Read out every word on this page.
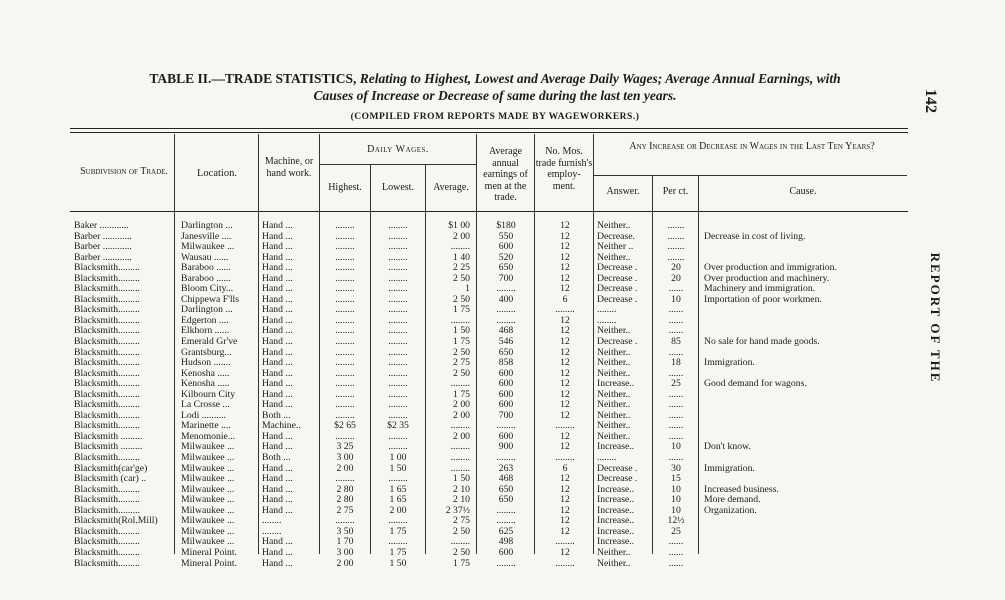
142
TABLE II.—TRADE STATISTICS, Relating to Highest, Lowest and Average Daily Wages; Average Annual Earnings, with
Causes of Increase or Decrease of same during the last ten years.
(COMPILED FROM REPORTS MADE BY WAGEWORKERS.)
REPORT OF THE
Subdivision of Trade.	Location.
Machine, or hand work.
Daily Wages.
Highest.	Lowest.	Average.
Average annual earnings of men at the trade.
No. Mos. trade furnish's employ- ment.
Any Increase or Decrease in Wages in the Last Ten Years?
Answer.	Per ct.	Cause.
Baker ............	Darlington ...	Hand ...	........	........	$1 00	$180	12	Neither..	.......
Barber ............	Janesville ....	Hand ...	........	........	2 00	550	12	Decrease.	.......	Decrease in cost of living.
Barber ............	Milwaukee ...	Hand ...	........	........	........	600	12	Neither ..	.......
Barber ............	Wausau ......	Hand ...	........	........	1 40	520	12	Neither..	.......
Blacksmith.........	Baraboo ......	Hand ...	........	........	2 25	650	12	Decrease .	20	Over production and immigration.
Blacksmith.........	Baraboo ......	Hand ...	........	........	2 50	700	12	Decrease .	20	Over production and machinery.
Blacksmith.........	Bloom City...	Hand ...	........	........	1	........	12	Decrease .	......	Machinery and immigration.
Blacksmith.........	Chippewa F'lls	Hand ...	........	........	2 50	400	6	Decrease .	10	Importation of poor workmen.
Blacksmith.........	Darlington ...	Hand ...	........	........	1 75	........	........	........	......
Blacksmith.........	Edgerton ....	Hand ...	........	........	........	........	12	........	......
Blacksmith.........	Elkhorn ......	Hand ...	........	........	1 50	468	12	Neither..	......
Blacksmith.........	Emerald Gr've	Hand ...	........	........	1 75	546	12	Decrease .	85	No sale for hand made goods.
Blacksmith.........	Grantsburg...	Hand ...	........	........	2 50	650	12	Neither..	......
Blacksmith.........	Hudson .......	Hand ...	........	........	2 75	858	12	Neither..	18	Immigration.
Blacksmith.........	Kenosha .....	Hand ...	........	........	2 50	600	12	Neither..	......
Blacksmith.........	Kenosha .....	Hand ...	........	........	........	600	12	Increase..	25	Good demand for wagons.
Blacksmith.........	Kilbourn City	Hand ...	........	........	1 75	600	12	Neither..	......
Blacksmith.........	La Crosse ...	Hand ...	........	........	2 00	600	12	Neither..	......
Blacksmith.........	Lodi ..........	Both ...	........	........	2 00	700	12	Neither..	......
Blacksmith.........	Marinette ....	Machine..	$2 65	$2 35	........	........	........	Neither..	......
Blacksmith .........	Menomonie...	Hand ...	........	........	2 00	600	12	Neither..	......
Blacksmith .........	Milwaukee ...	Hand ...	3 25	........	........	900	12	Increase..	10	Don't know.
Blacksmith.........	Milwaukee ...	Both ...	3 00	1 00	........	........	........	........	......
Blacksmith(car'ge)	Milwaukee ...	Hand ...	2 00	1 50	........	263	6	Decrease .	30	Immigration.
Blacksmith (car) ..	Milwaukee ...	Hand ...	........	........	1 50	468	12	Decrease .	15
Blacksmith.........	Milwaukee ...	Hand ...	2 80	1 65	2 10	650	12	Increase..	10	Increased business.
Blacksmith.........	Milwaukee ...	Hand ...	2 80	1 65	2 10	650	12	Increase..	10	More demand.
Blacksmith.........	Milwaukee ...	Hand ...	2 75	2 00	2 37½	........	12	Increase..	10	Organization.
Blacksmith(Rol.Mill)	Milwaukee ...	........	........	........	2 75	........	12	Increase..	12½
Blacksmith.........	Milwaukee ...	........	3 50	1 75	2 50	625	12	Increase..	25
Blacksmith.........	Milwaukee ...	Hand ...	1 70	........	........	498	........	Increase..	......
Blacksmith.........	Mineral Point.	Hand ...	3 00	1 75	2 50	600	12	Neither..	......
Blacksmith.........	Mineral Point.	Hand ...	2 00	1 50	1 75	........	........	Neither..	......
